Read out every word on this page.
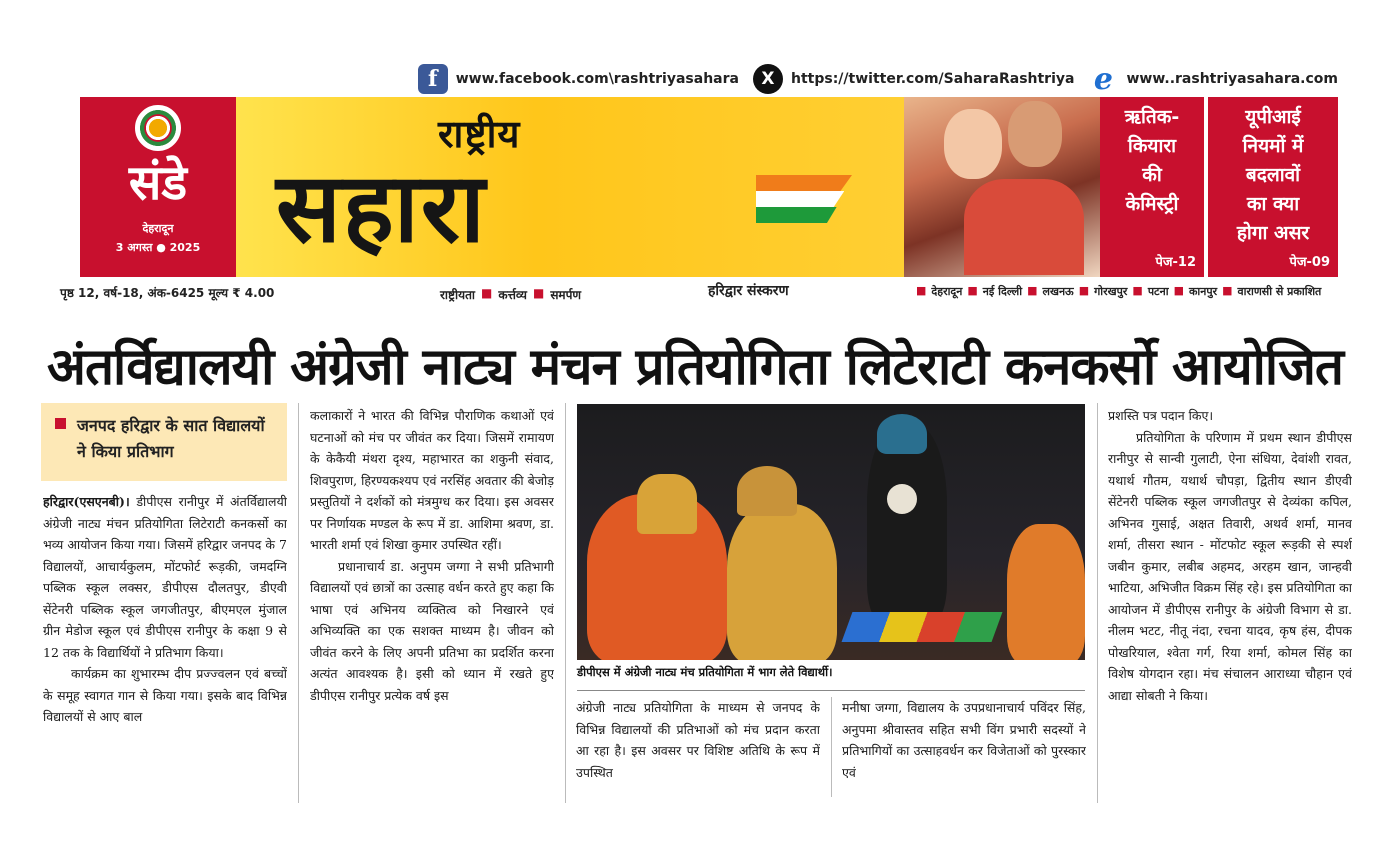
f	www.facebook.com\rashtriyasahara	X	https://twitter.com/SaharaRashtriya e www..rashtriyasahara.com
संडे
देहरादून
3 अगस्त ● 2025
राष्ट्रीय
सहारा
ऋतिक-
कियारा
की
केमिस्ट्री
पेज-12
यूपीआई
नियमों में
बदलावों
का क्या
होगा असर
पेज-09
पृष्ठ 12, वर्ष-18, अंक-6425 मूल्य ₹ 4.00	राष्ट्रीयता ■ कर्त्तव्य ■ समर्पण	हरिद्वार संस्करण	■ देहरादून ■ नई दिल्ली ■ लखनऊ ■ गोरखपुर ■ पटना ■ कानपुर ■ वाराणसी से प्रकाशित
अंतर्विद्यालयी अंग्रेजी नाट्य मंचन प्रतियोगिता लिटेराटी कनकर्सो आयोजित
जनपद हरिद्वार के सात विद्यालयों ने किया प्रतिभाग

हरिद्वार(एसएनबी)। डीपीएस रानीपुर में अंतर्विद्यालयी अंग्रेजी नाट्य मंचन प्रतियोगिता लिटेराटी कनकर्सो का भव्य आयोजन किया गया। जिसमें हरिद्वार जनपद के 7 विद्यालयों, आचार्यकुलम, मोंटफोर्ट रूड़की, जमदग्नि पब्लिक स्कूल लक्सर, डीपीएस दौलतपुर, डीएवी सेंटेनरी पब्लिक स्कूल जगजीतपुर, बीएमएल मुंजाल ग्रीन मेडोज स्कूल एवं डीपीएस रानीपुर के कक्षा 9 से 12 तक के विद्यार्थियों ने प्रतिभाग किया।

कार्यक्रम का शुभारम्भ दीप प्रज्ज्वलन एवं बच्चों के समूह स्वागत गान से किया गया। इसके बाद विभिन्न विद्यालयों से आए बाल

कलाकारों ने भारत की विभिन्न पौराणिक कथाओं एवं घटनाओं को मंच पर जीवंत कर दिया। जिसमें रामायण के केकैयी मंथरा दृश्य, महाभारत का शकुनी संवाद, शिवपुराण, हिरण्यकश्यप एवं नरसिंह अवतार की बेजोड़ प्रस्तुतियों ने दर्शकों को मंत्रमुग्ध कर दिया। इस अवसर पर निर्णायक मण्डल के रूप में डा. आशिमा श्रवण, डा. भारती शर्मा एवं शिखा कुमार उपस्थित रहीं।

प्रधानाचार्य डा. अनुपम जग्गा ने सभी प्रतिभागी विद्यालयों एवं छात्रों का उत्साह वर्धन करते हुए कहा कि भाषा एवं अभिनय व्यक्तित्व को निखारने एवं अभिव्यक्ति का एक सशक्त माध्यम है। जीवन को जीवंत करने के लिए अपनी प्रतिभा का प्रदर्शित करना अत्यंत आवश्यक है। इसी को ध्यान में रखते हुए डीपीएस रानीपुर प्रत्येक वर्ष इस

डीपीएस में अंग्रेजी नाट्य मंच प्रतियोगिता में भाग लेते विद्यार्थी।

अंग्रेजी नाट्य प्रतियोगिता के माध्यम से जनपद के विभिन्न विद्यालयों की प्रतिभाओं को मंच प्रदान करता आ रहा है। इस अवसर पर विशिष्ट अतिथि के रूप में उपस्थित

मनीषा जग्गा, विद्यालय के उपप्रधानाचार्य पविंदर सिंह, अनुपमा श्रीवास्तव सहित सभी विंग प्रभारी सदस्यों ने प्रतिभागियों का उत्साहवर्धन कर विजेताओं को पुरस्कार एवं

प्रशस्ति पत्र पदान किए।

प्रतियोगिता के परिणाम में प्रथम स्थान डीपीएस रानीपुर से सान्वी गुलाटी, ऐना संधिया, देवांशी रावत, यथार्थ गौतम, यथार्थ चौपड़ा, द्वितीय स्थान डीएवी सेंटेनरी पब्लिक स्कूल जगजीतपुर से देव्यंका कपिल, अभिनव गुसाई, अक्षत तिवारी, अथर्व शर्मा, मानव शर्मा, तीसरा स्थान - मोंटफोट स्कूल रूड़की से स्पर्श जबीन कुमार, लबीब अहमद, अरहम खान, जान्हवी भाटिया, अभिजीत विक्रम सिंह रहे। इस प्रतियोगिता का आयोजन में डीपीएस रानीपुर के अंग्रेजी विभाग से डा. नीलम भटट, नीतू नंदा, रचना यादव, कृष हंस, दीपक पोखरियाल, श्वेता गर्ग, रिया शर्मा, कोमल सिंह का विशेष योगदान रहा। मंच संचालन आराध्या चौहान एवं आद्या सोबती ने किया।
